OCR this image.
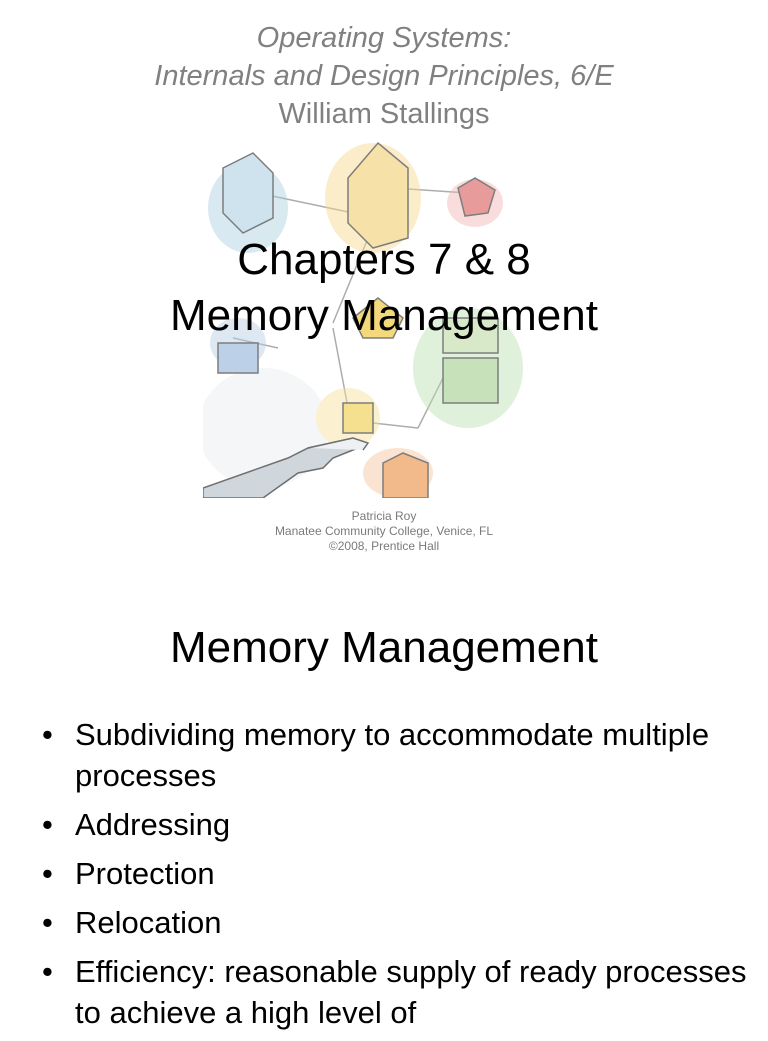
Operating Systems:
Internals and Design Principles, 6/E
William Stallings
Chapters 7 & 8
Memory Management
Patricia Roy
Manatee Community College, Venice, FL
©2008, Prentice Hall
Memory Management
• Subdividing memory to accommodate multiple processes
• Addressing
• Protection
• Relocation
• Efficiency: reasonable supply of ready processes to achieve a high level of
